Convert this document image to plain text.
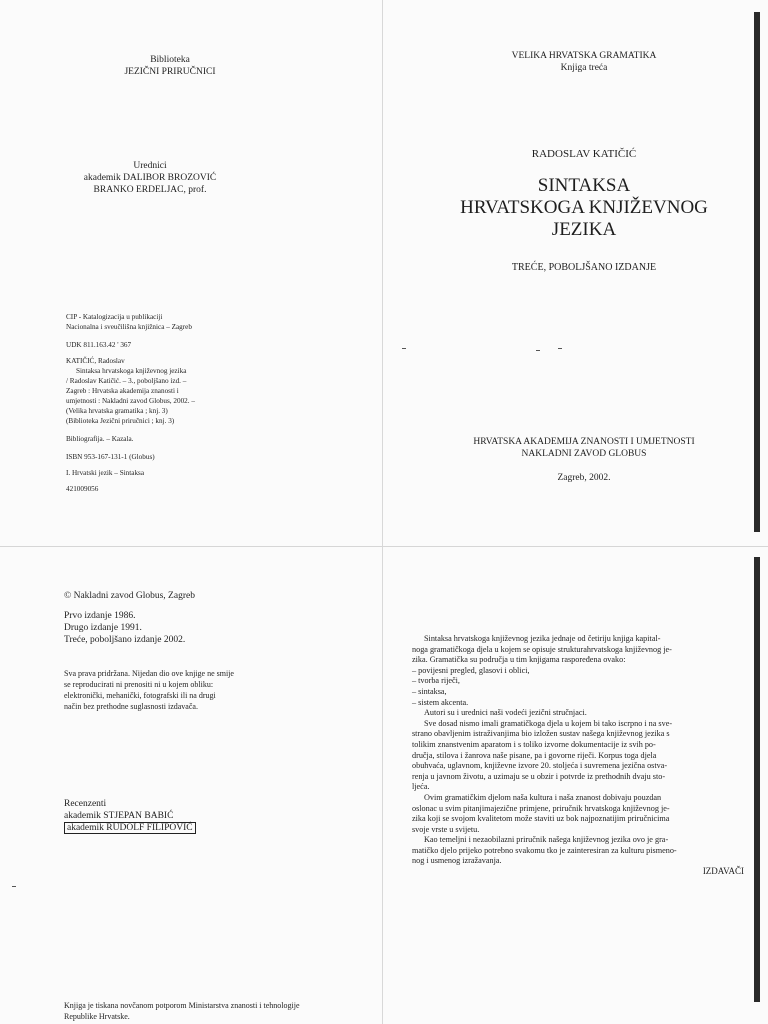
Biblioteka
JEZIČNI PRIRUČNICI
Urednici
akademik DALIBOR BROZOVIĆ
BRANKO ERDELJAC, prof.
CIP - Katalogizacija u publikaciji
Nacionalna i sveučilišna knjižnica – Zagreb
UDK 811.163.42 ' 367
KATIČIĆ, Radoslav
Sintaksa hrvatskoga književnog jezika
/ Radoslav Katičić. – 3., poboljšano izd. –
Zagreb : Hrvatska akademija znanosti i
umjetnosti : Nakladni zavod Globus, 2002. –
(Velika hrvatska gramatika ; knj. 3)
(Biblioteka Jezični priručnici ; knj. 3)
Bibliografija. – Kazala.
ISBN 953-167-131-1 (Globus)
I. Hrvatski jezik – Sintaksa
421009056
VELIKA HRVATSKA GRAMATIKA
Knjiga treća
RADOSLAV KATIČIĆ
SINTAKSA
HRVATSKOGA KNJIŽEVNOG
JEZIKA
TREĆE, POBOLJŠANO IZDANJE
HRVATSKA AKADEMIJA ZNANOSTI I UMJETNOSTI
NAKLADNI ZAVOD GLOBUS
Zagreb, 2002.
© Nakladni zavod Globus, Zagreb
Prvo izdanje 1986.
Drugo izdanje 1991.
Treće, poboljšano izdanje 2002.
Sva prava pridržana. Nijedan dio ove knjige ne smije
se reproducirati ni prenositi ni u kojem obliku:
elektronički, mehanički, fotografski ili na drugi
način bez prethodne suglasnosti izdavača.
Recenzenti
akademik STJEPAN BABIĆ
akademik RUDOLF FILIPOVIĆ
Knjiga je tiskana novčanom potporom Ministarstva znanosti i tehnologije
Republike Hrvatske.

Sintaksa hrvatskoga književnog jezika jednaje od četiriju knjiga kapital-

noga gramatičkoga djela u kojem se opisuje strukturahrvatskoga književnog je-

zika. Gramatička su područja u tim knjigama raspoređena ovako:

– povijesni pregled, glasovi i oblici,

– tvorba riječi,

– sintaksa,

– sistem akcenta.

Autori su i urednici naši vodeći jezični stručnjaci.

Sve dosad nismo imali gramatičkoga djela u kojem bi tako iscrpno i na sve-

strano obavljenim istraživanjima bio izložen sustav našega književnog jezika s

tolikim znanstvenim aparatom i s toliko izvorne dokumentacije iz svih po-

dručja, stilova i žanrova naše pisane, pa i govorne riječi. Korpus toga djela

obuhvaća, uglavnom, književne izvore 20. stoljeća i suvremena jezična ostva-

renja u javnom životu, a uzimaju se u obzir i potvrde iz prethodnih dvaju sto-

ljeća.

Ovim gramatičkim djelom naša kultura i naša znanost dobivaju pouzdan

oslonac u svim pitanjimajezične primjene, priručnik hrvatskoga književnog je-

zika koji se svojom kvalitetom može staviti uz bok najpoznatijim priručnicima

svoje vrste u svijetu.

Kao temeljni i nezaobilazni priručnik našega književnog jezika ovo je gra-

matičko djelo prijeko potrebno svakomu tko je zainteresiran za kulturu pismeno-

nog i usmenog izražavanja.

IZDAVAČI
